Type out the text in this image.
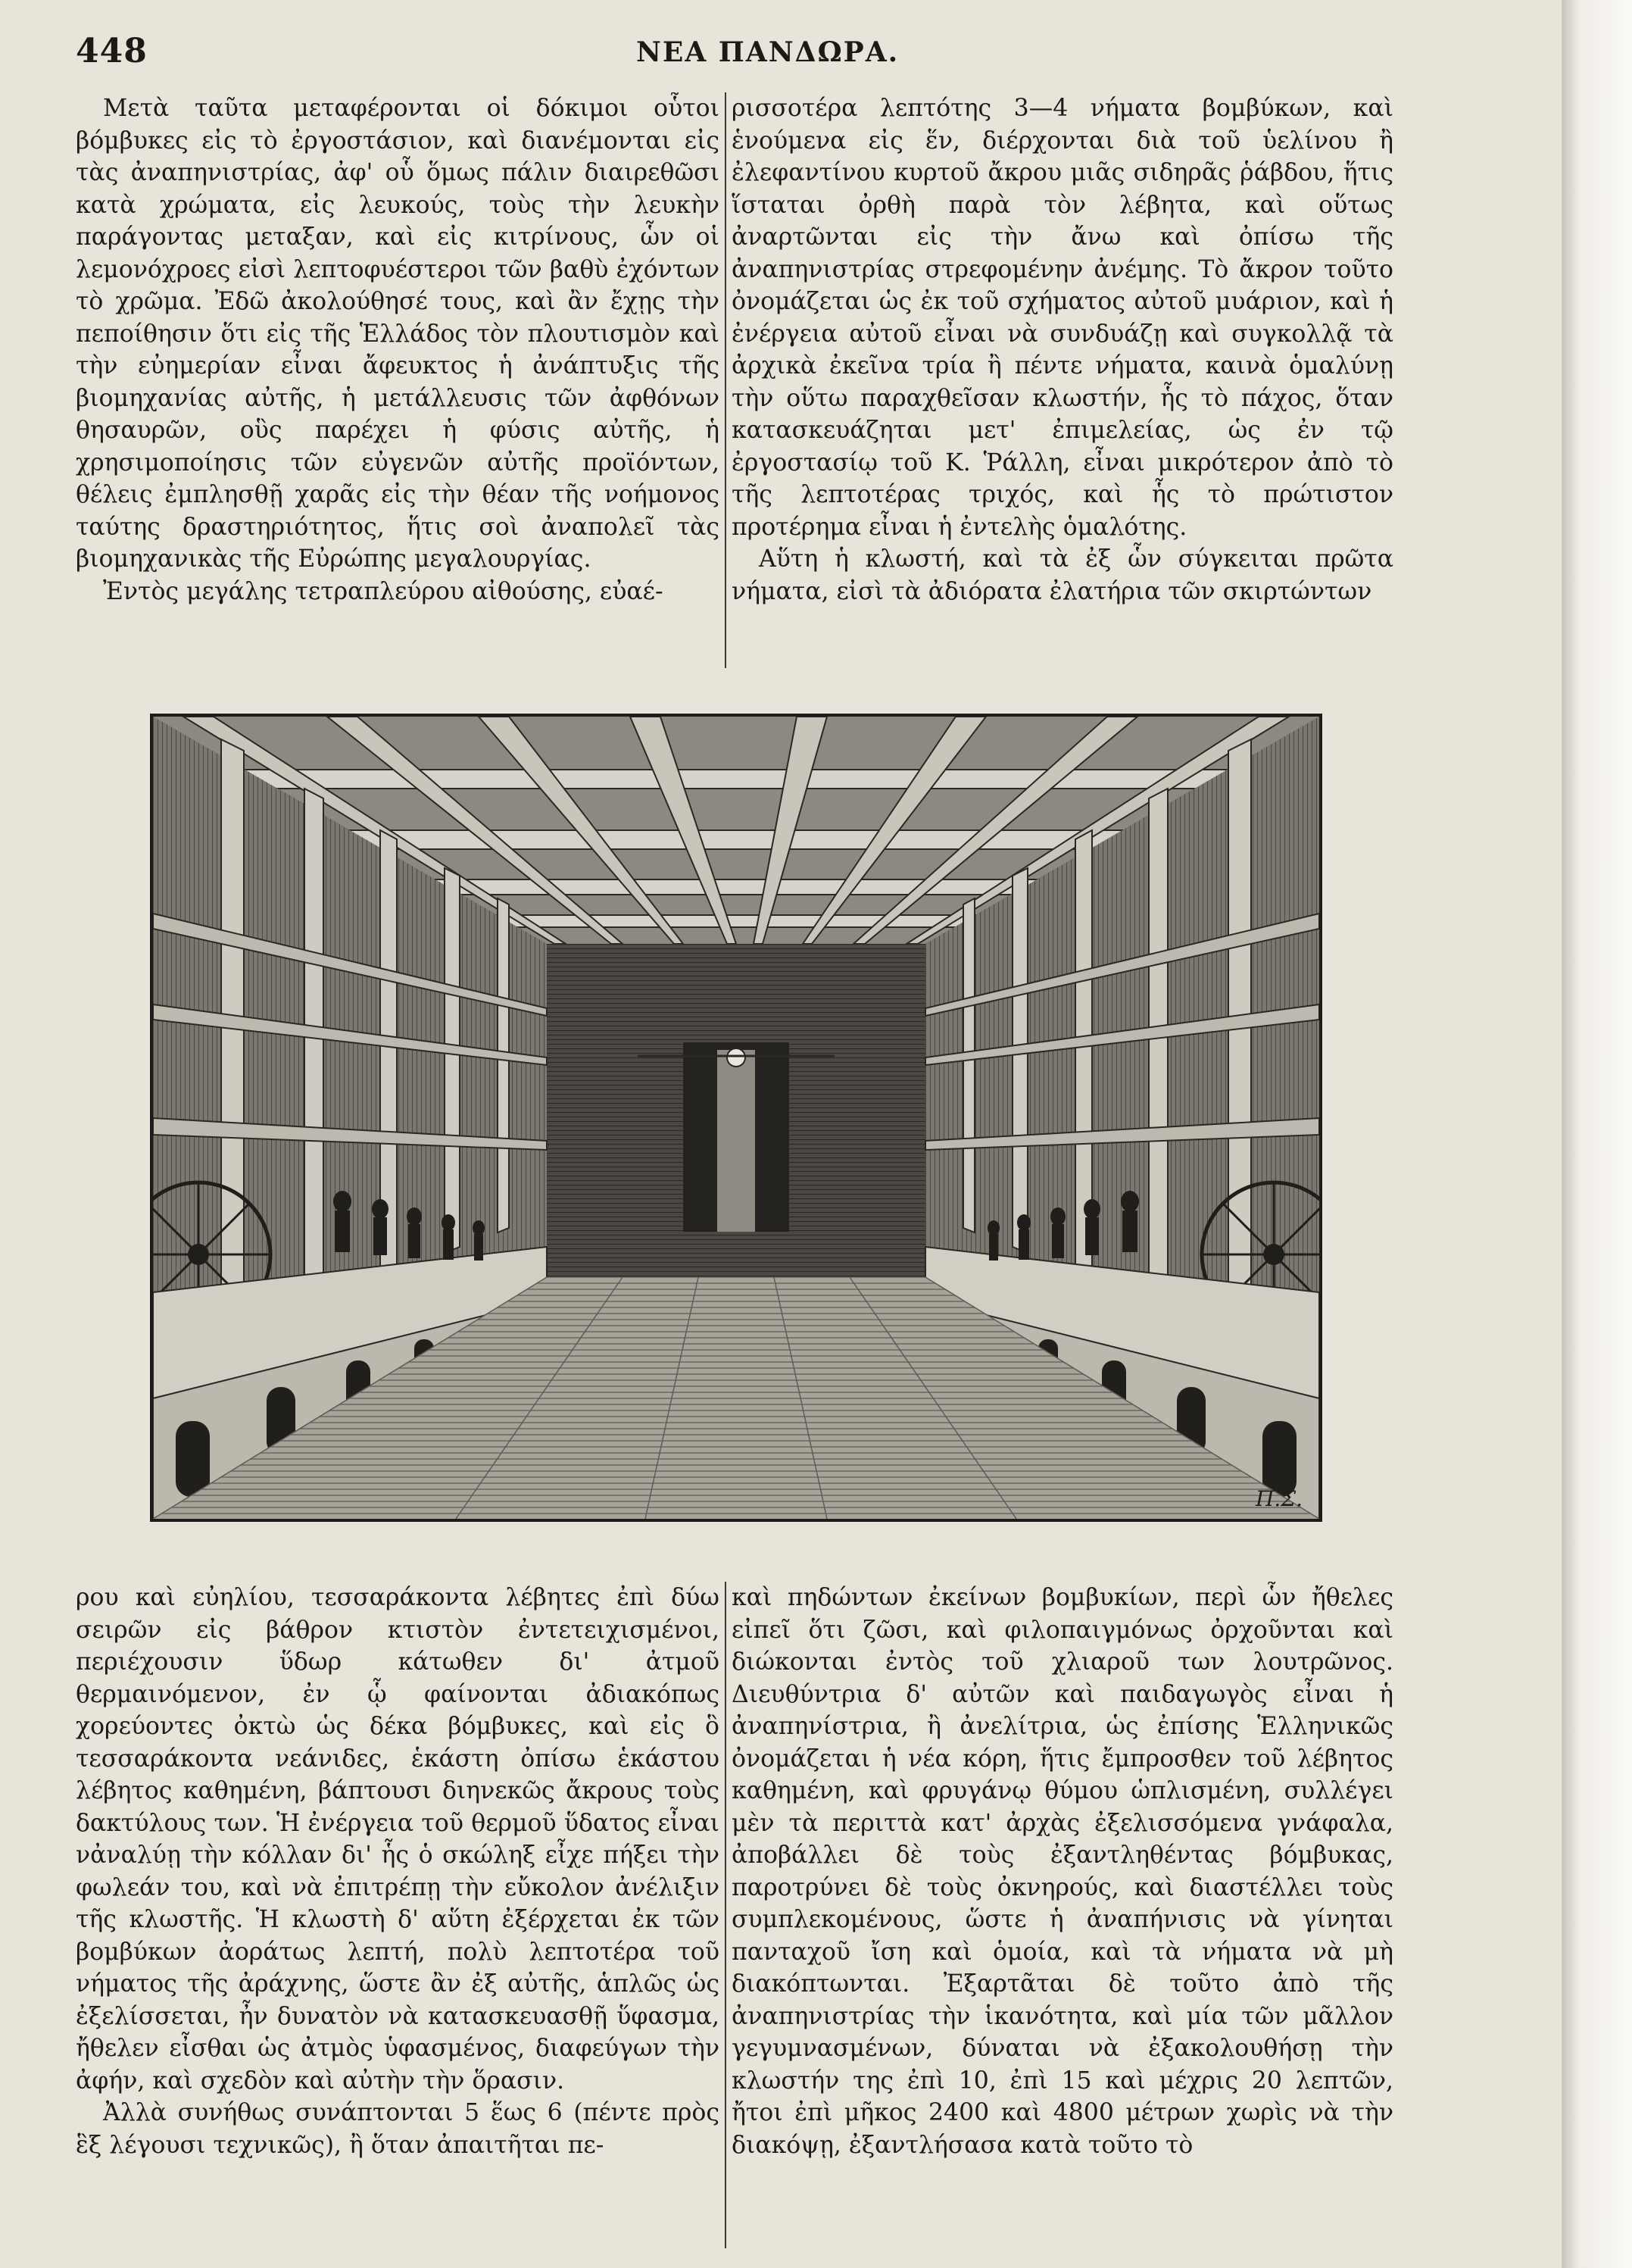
448	ΝΕΑ ΠΑΝΔΩΡΑ.

Μετὰ ταῦτα μεταφέρονται οἱ δόκιμοι οὗτοι βόμβυκες εἰς τὸ ἐργοστάσιον, καὶ διανέμονται εἰς τὰς ἀναπηνιστρίας, ἀφ' οὗ ὅμως πάλιν διαιρεθῶσι κατὰ χρώματα, εἰς λευκούς, τοὺς τὴν λευκὴν παράγοντας μεταξαν, καὶ εἰς κιτρίνους, ὧν οἱ λεμονόχροες εἰσὶ λεπτοφυέστεροι τῶν βαθὺ ἐχόντων τὸ χρῶμα. Ἐδῶ ἀκολούθησέ τους, καὶ ἂν ἔχῃς τὴν πεποίθησιν ὅτι εἰς τῆς Ἑλλάδος τὸν πλουτισμὸν καὶ τὴν εὐημερίαν εἶναι ἄφευκτος ἡ ἀνάπτυξις τῆς βιομηχανίας αὐτῆς, ἡ μετάλλευσις τῶν ἀφθόνων θησαυρῶν, οὓς παρέχει ἡ φύσις αὐτῆς, ἡ χρησιμοποίησις τῶν εὐγενῶν αὐτῆς προϊόντων, θέλεις ἐμπλησθῇ χαρᾶς εἰς τὴν θέαν τῆς νοήμονος ταύτης δραστηριότητος, ἥτις σοὶ ἀναπολεῖ τὰς βιομηχανικὰς τῆς Εὐρώπης μεγαλουργίας.

Ἐντὸς μεγάλης τετραπλεύρου αἰθούσης, εὐαέ-

ρισσοτέρα λεπτότης 3—4 νήματα βομβύκων, καὶ ἑνούμενα εἰς ἕν, διέρχονται διὰ τοῦ ὑελίνου ἢ ἐλεφαντίνου κυρτοῦ ἄκρου μιᾶς σιδηρᾶς ῥάβδου, ἥτις ἵσταται ὀρθὴ παρὰ τὸν λέβητα, καὶ οὕτως ἀναρτῶνται εἰς τὴν ἄνω καὶ ὀπίσω τῆς ἀναπηνιστρίας στρεφομένην ἀνέμης. Τὸ ἄκρον τοῦτο ὀνομάζεται ὡς ἐκ τοῦ σχήματος αὐτοῦ μυάριον, καὶ ἡ ἐνέργεια αὐτοῦ εἶναι νὰ συνδυάζῃ καὶ συγκολλᾷ τὰ ἀρχικὰ ἐκεῖνα τρία ἢ πέντε νήματα, καινὰ ὁμαλύνῃ τὴν οὕτω παραχθεῖσαν κλωστήν, ἧς τὸ πάχος, ὅταν κατασκευάζηται μετ' ἐπιμελείας, ὡς ἐν τῷ ἐργοστασίῳ τοῦ Κ. Ῥάλλη, εἶναι μικρότερον ἀπὸ τὸ τῆς λεπτοτέρας τριχός, καὶ ἧς τὸ πρώτιστον προτέρημα εἶναι ἡ ἐντελὴς ὁμαλότης.

Αὕτη ἡ κλωστή, καὶ τὰ ἐξ ὧν σύγκειται πρῶτα νήματα, εἰσὶ τὰ ἀδιόρατα ἐλατήρια τῶν σκιρτώντων

Π.Σ.

ρου καὶ εὐηλίου, τεσσαράκοντα λέβητες ἐπὶ δύω σειρῶν εἰς βάθρον κτιστὸν ἐντετειχισμένοι, περιέχουσιν ὕδωρ κάτωθεν δι' ἀτμοῦ θερμαινόμενον, ἐν ᾧ φαίνονται ἀδιακόπως χορεύοντες ὀκτὼ ὡς δέκα βόμβυκες, καὶ εἰς ὃ τεσσαράκοντα νεάνιδες, ἑκάστη ὀπίσω ἑκάστου λέβητος καθημένη, βάπτουσι διηνεκῶς ἄκρους τοὺς δακτύλους των. Ἡ ἐνέργεια τοῦ θερμοῦ ὕδατος εἶναι νἀναλύῃ τὴν κόλλαν δι' ἧς ὁ σκώληξ εἶχε πήξει τὴν φωλεάν του, καὶ νὰ ἐπιτρέπῃ τὴν εὔκολον ἀνέλιξιν τῆς κλωστῆς. Ἡ κλωστὴ δ' αὕτη ἐξέρχεται ἐκ τῶν βομβύκων ἀοράτως λεπτή, πολὺ λεπτοτέρα τοῦ νήματος τῆς ἀράχνης, ὥστε ἂν ἐξ αὐτῆς, ἁπλῶς ὡς ἐξελίσσεται, ἦν δυνατὸν νὰ κατασκευασθῇ ὕφασμα, ἤθελεν εἶσθαι ὡς ἀτμὸς ὑφασμένος, διαφεύγων τὴν ἀφήν, καὶ σχεδὸν καὶ αὐτὴν τὴν ὅρασιν.

Ἀλλὰ συνήθως συνάπτονται 5 ἕως 6 (πέντε πρὸς ἓξ λέγουσι τεχνικῶς), ἢ ὅταν ἀπαιτῆται πε-

καὶ πηδώντων ἐκείνων βομβυκίων, περὶ ὧν ἤθελες εἰπεῖ ὅτι ζῶσι, καὶ φιλοπαιγμόνως ὀρχοῦνται καὶ διώκονται ἐντὸς τοῦ χλιαροῦ των λουτρῶνος. Διευθύντρια δ' αὐτῶν καὶ παιδαγωγὸς εἶναι ἡ ἀναπηνίστρια, ἢ ἀνελίτρια, ὡς ἐπίσης Ἑλληνικῶς ὀνομάζεται ἡ νέα κόρη, ἥτις ἔμπροσθεν τοῦ λέβητος καθημένη, καὶ φρυγάνῳ θύμου ὡπλισμένη, συλλέγει μὲν τὰ περιττὰ κατ' ἀρχὰς ἐξελισσόμενα γνάφαλα, ἀποβάλλει δὲ τοὺς ἐξαντληθέντας βόμβυκας, παροτρύνει δὲ τοὺς ὀκνηρούς, καὶ διαστέλλει τοὺς συμπλεκομένους, ὥστε ἡ ἀναπήνισις νὰ γίνηται πανταχοῦ ἴση καὶ ὁμοία, καὶ τὰ νήματα νὰ μὴ διακόπτωνται. Ἐξαρτᾶται δὲ τοῦτο ἀπὸ τῆς ἀναπηνιστρίας τὴν ἱκανότητα, καὶ μία τῶν μᾶλλον γεγυμνασμένων, δύναται νὰ ἐξακολουθήσῃ τὴν κλωστήν της ἐπὶ 10, ἐπὶ 15 καὶ μέχρις 20 λεπτῶν, ἤτοι ἐπὶ μῆκος 2400 καὶ 4800 μέτρων χωρὶς νὰ τὴν διακόψῃ, ἐξαντλήσασα κατὰ τοῦτο τὸ
